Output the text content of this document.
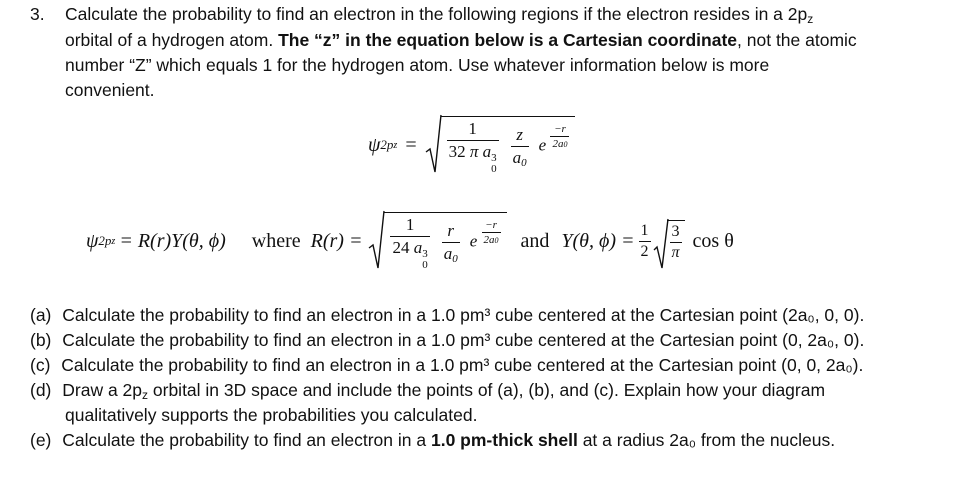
3. Calculate the probability to find an electron in the following regions if the electron resides in a $2p_z$
orbital of a hydrogen atom. The “z” in the equation below is a Cartesian coordinate, not the atomic
number “Z” which equals 1 for the hydrogen atom. Use whatever information below is more
convenient.
ψ 2p z = 1
32 π a 3
$0 \frac{z}{a0}$ e $\frac{-r}{2a0}$
ψ 2p z = R(r)Y(θ, ϕ) where R(r) = 1
24 a 3
$0 \frac{r}{a0}$ e $\frac{-r}{2a0}$ and Y(θ, $\phi) = \frac{1}{2} \frac{3}{\pi}$ cos θ
(a) Calculate the probability to find an electron in a 1.0 pm³ cube centered at the Cartesian point (2a₀, 0, 0).
(b) Calculate the probability to find an electron in a 1.0 pm³ cube centered at the Cartesian point (0, 2a₀, 0).
(c) Calculate the probability to find an electron in a 1.0 pm³ cube centered at the Cartesian point (0, 0, 2a₀).
(d) Draw a 2pz orbital in 3D space and include the points of (a), (b), and (c). Explain how your diagram
qualitatively supports the probabilities you calculated.
(e) Calculate the probability to find an electron in a 1.0 pm-thick shell at a radius 2a₀ from the nucleus.
